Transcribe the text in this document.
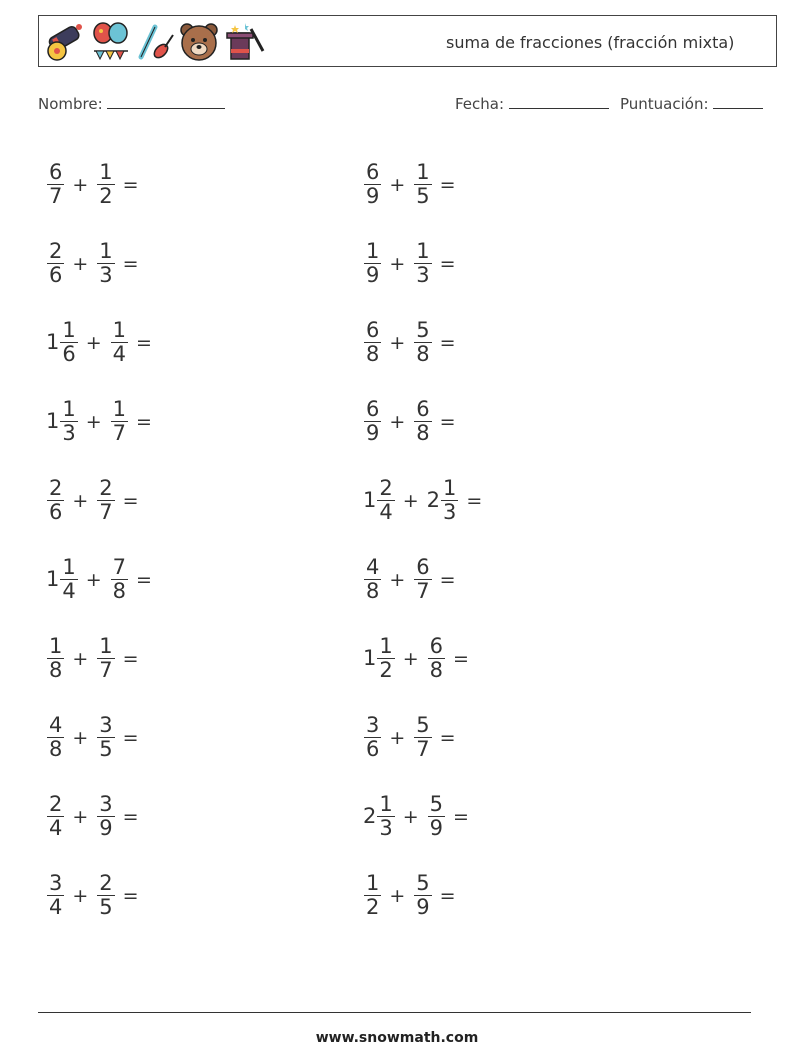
suma de fracciones (fracción mixta)
Nombre:	Fecha:	Puntuación:
$\frac{6}{7} + \frac{1}{2}$ =
$\frac{2}{6} + \frac{1}{3}$ =
$1 \frac{1}{6} + \frac{1}{4}$ =
$1 \frac{1}{3} + \frac{1}{7}$ =
$\frac{2}{6} + \frac{2}{7}$ =
$1 \frac{1}{4} + \frac{7}{8}$ =
$\frac{1}{8} + \frac{1}{7}$ =
$\frac{4}{8} + \frac{3}{5}$ =
$\frac{2}{4} + \frac{3}{9}$ =
$\frac{3}{4} + \frac{2}{5}$ =
$\frac{6}{9} + \frac{1}{5}$ =
$\frac{1}{9} + \frac{1}{3}$ =
$\frac{6}{8} + \frac{5}{8}$ =
$\frac{6}{9} + \frac{6}{8}$ =
$1 \frac{2}{4} + 2 \frac{1}{3}$ =
$\frac{4}{8} + \frac{6}{7}$ =
$1 \frac{1}{2} + \frac{6}{8}$ =
$\frac{3}{6} + \frac{5}{7}$ =
$2 \frac{1}{3} + \frac{5}{9}$ =
$\frac{1}{2} + \frac{5}{9}$ =
www.snowmath.com
